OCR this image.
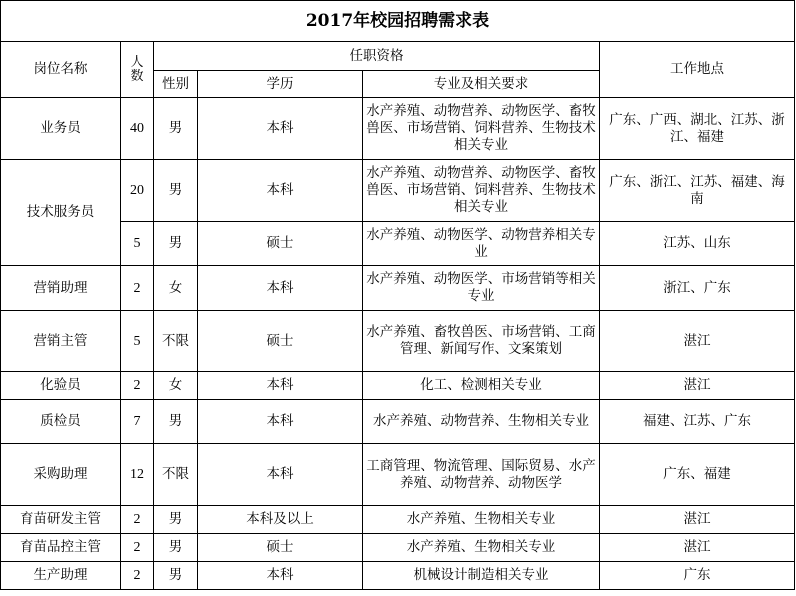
2017年校园招聘需求表					
岗位名称	人
数	任职资格			工作地点
		性别	学历	专业及相关要求	
业务员	40	男	本科	水产养殖、动物营养、动物医学、畜牧兽医、市场营销、饲料营养、生物技术相关专业	广东、广西、湖北、江苏、浙江、福建
技术服务员	20	男	本科	水产养殖、动物营养、动物医学、畜牧兽医、市场营销、饲料营养、生物技术相关专业	广东、浙江、江苏、福建、海南
	5	男	硕士	水产养殖、动物医学、动物营养相关专业	江苏、山东
营销助理	2	女	本科	水产养殖、动物医学、市场营销等相关专业	浙江、广东
营销主管	5	不限	硕士	水产养殖、畜牧兽医、市场营销、工商管理、新闻写作、文案策划	湛江
化验员	2	女	本科	化工、检测相关专业	湛江
质检员	7	男	本科	水产养殖、动物营养、生物相关专业	福建、江苏、广东
采购助理	12	不限	本科	工商管理、物流管理、国际贸易、水产养殖、动物营养、动物医学	广东、福建
育苗研发主管	2	男	本科及以上	水产养殖、生物相关专业	湛江
育苗品控主管	2	男	硕士	水产养殖、生物相关专业	湛江
生产助理	2	男	本科	机械设计制造相关专业	广东
